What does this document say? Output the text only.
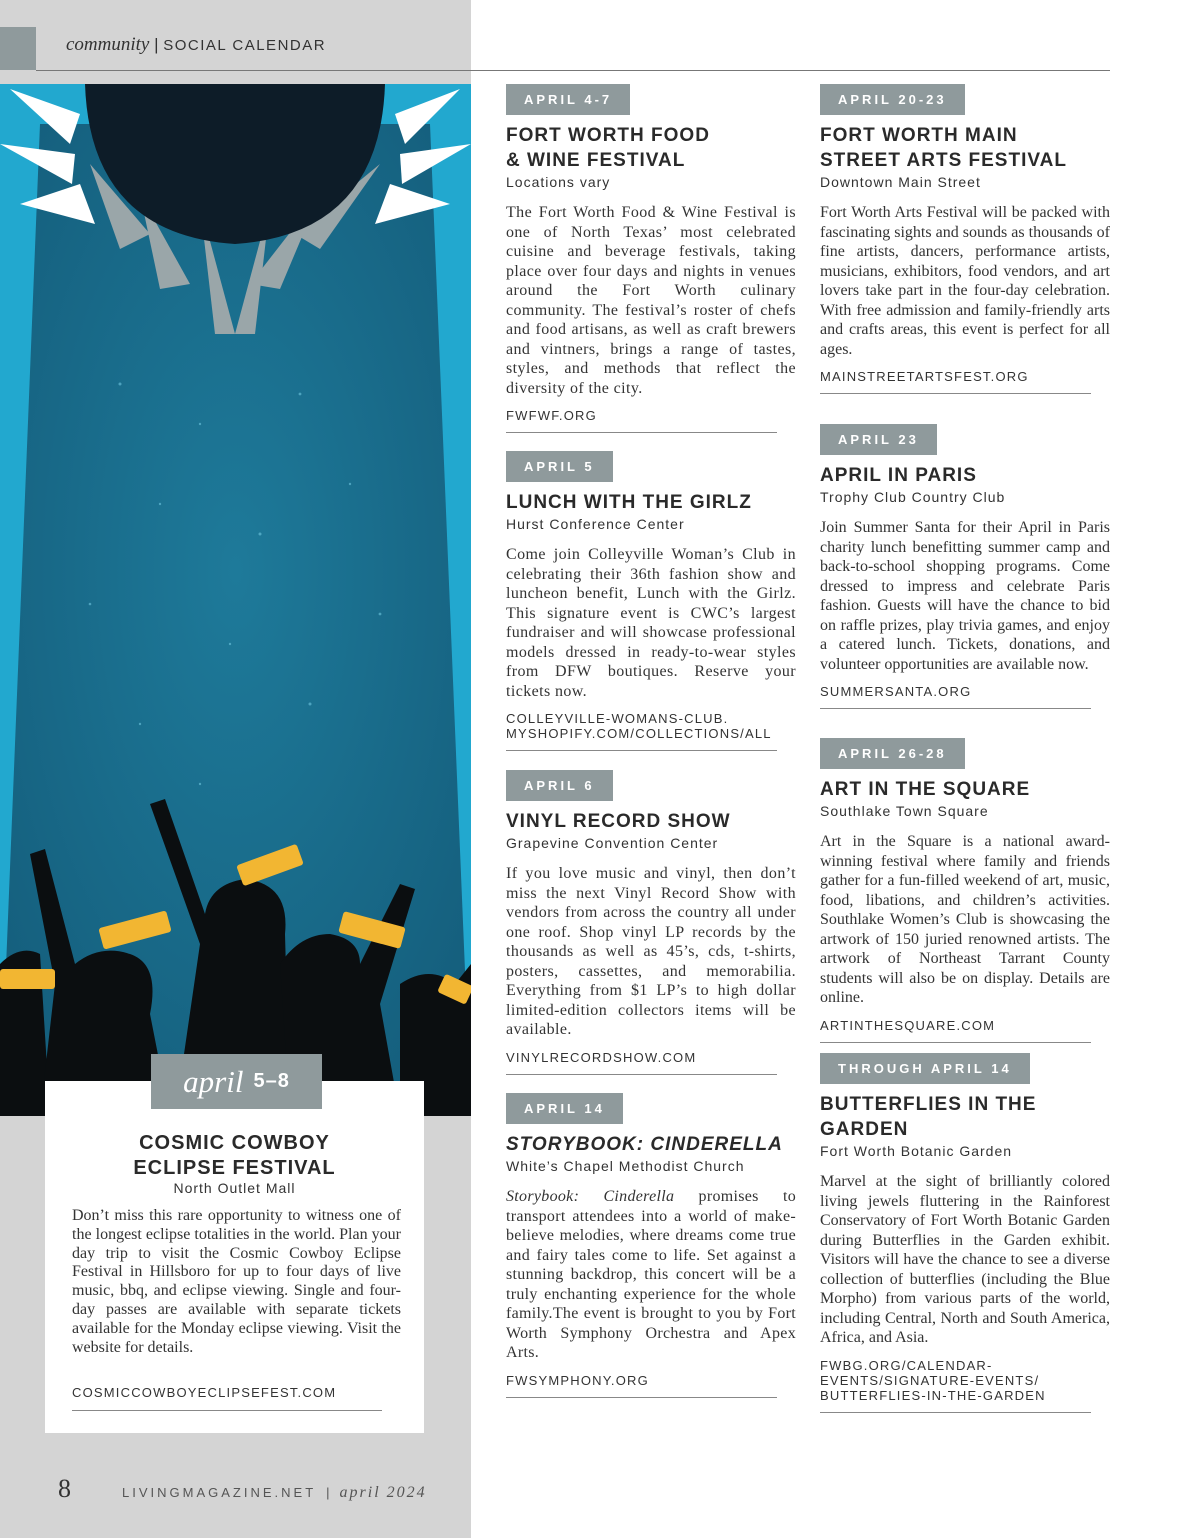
community | SOCIAL CALENDAR
april 5–8
COSMIC COWBOY
ECLIPSE FESTIVAL
North Outlet Mall
Don’t miss this rare opportunity to witness one of the longest eclipse totalities in the world. Plan your day trip to visit the Cosmic Cowboy Eclipse Festival in Hillsboro for up to four days of live music, bbq, and eclipse viewing. Single and four-day passes are available with separate tickets available for the Monday eclipse viewing. Visit the website for details.
COSMICCOWBOYECLIPSEFEST.COM
APRIL 4-7
FORT WORTH FOOD
& WINE FESTIVAL
Locations vary
The Fort Worth Food & Wine Festival is one of North Texas’ most celebrated cuisine and beverage festivals, taking place over four days and nights in venues around the Fort Worth culinary community. The festival’s roster of chefs and food artisans, as well as craft brewers and vintners, brings a range of tastes, styles, and methods that reflect the diversity of the city.
FWFWF.ORG
APRIL 5
LUNCH WITH THE GIRLZ
Hurst Conference Center
Come join Colleyville Woman’s Club in celebrating their 36th fashion show and luncheon benefit, Lunch with the Girlz. This signature event is CWC’s largest fundraiser and will showcase professional models dressed in ready-to-wear styles from DFW boutiques. Reserve your tickets now.
COLLEYVILLE-WOMANS-CLUB.
MYSHOPIFY.COM/COLLECTIONS/ALL
APRIL 6
VINYL RECORD SHOW
Grapevine Convention Center
If you love music and vinyl, then don’t miss the next Vinyl Record Show with vendors from across the country all under one roof. Shop vinyl LP records by the thousands as well as 45’s, cds, t-shirts, posters, cassettes, and memorabilia. Everything from $1 LP’s to high dollar limited-edition collectors items will be available.
VINYLRECORDSHOW.COM
APRIL 14
STORYBOOK: CINDERELLA
White’s Chapel Methodist Church
Storybook: Cinderella promises to transport attendees into a world of make-believe melodies, where dreams come true and fairy tales come to life. Set against a stunning backdrop, this concert will be a truly enchanting experience for the whole family.The event is brought to you by Fort Worth Symphony Orchestra and Apex Arts.
FWSYMPHONY.ORG
APRIL 20-23
FORT WORTH MAIN
STREET ARTS FESTIVAL
Downtown Main Street
Fort Worth Arts Festival will be packed with fascinating sights and sounds as thousands of fine artists, dancers, performance artists, musicians, exhibitors, food vendors, and art lovers take part in the four-day celebration. With free admission and family-friendly arts and crafts areas, this event is perfect for all ages.
MAINSTREETARTSFEST.ORG
APRIL 23
APRIL IN PARIS
Trophy Club Country Club
Join Summer Santa for their April in Paris charity lunch benefitting summer camp and back-to-school shopping programs. Come dressed to impress and celebrate Paris fashion. Guests will have the chance to bid on raffle prizes, play trivia games, and enjoy a catered lunch. Tickets, donations, and volunteer opportunities are available now.
SUMMERSANTA.ORG
APRIL 26-28
ART IN THE SQUARE
Southlake Town Square
Art in the Square is a national award-winning festival where family and friends gather for a fun-filled weekend of art, music, food, libations, and children’s activities. Southlake Women’s Club is showcasing the artwork of 150 juried renowned artists. The artwork of Northeast Tarrant County students will also be on display. Details are online.
ARTINTHESQUARE.COM
THROUGH APRIL 14
BUTTERFLIES IN THE GARDEN
Fort Worth Botanic Garden
Marvel at the sight of brilliantly colored living jewels fluttering in the Rainforest Conservatory of Fort Worth Botanic Garden during Butterflies in the Garden exhibit. Visitors will have the chance to see a diverse collection of butterflies (including the Blue Morpho) from various parts of the world, including Central, North and South America, Africa, and Asia.
FWBG.ORG/CALENDAR-
EVENTS/SIGNATURE-EVENTS/
BUTTERFLIES-IN-THE-GARDEN
8	LIVINGMAGAZINE.NET | april 2024
